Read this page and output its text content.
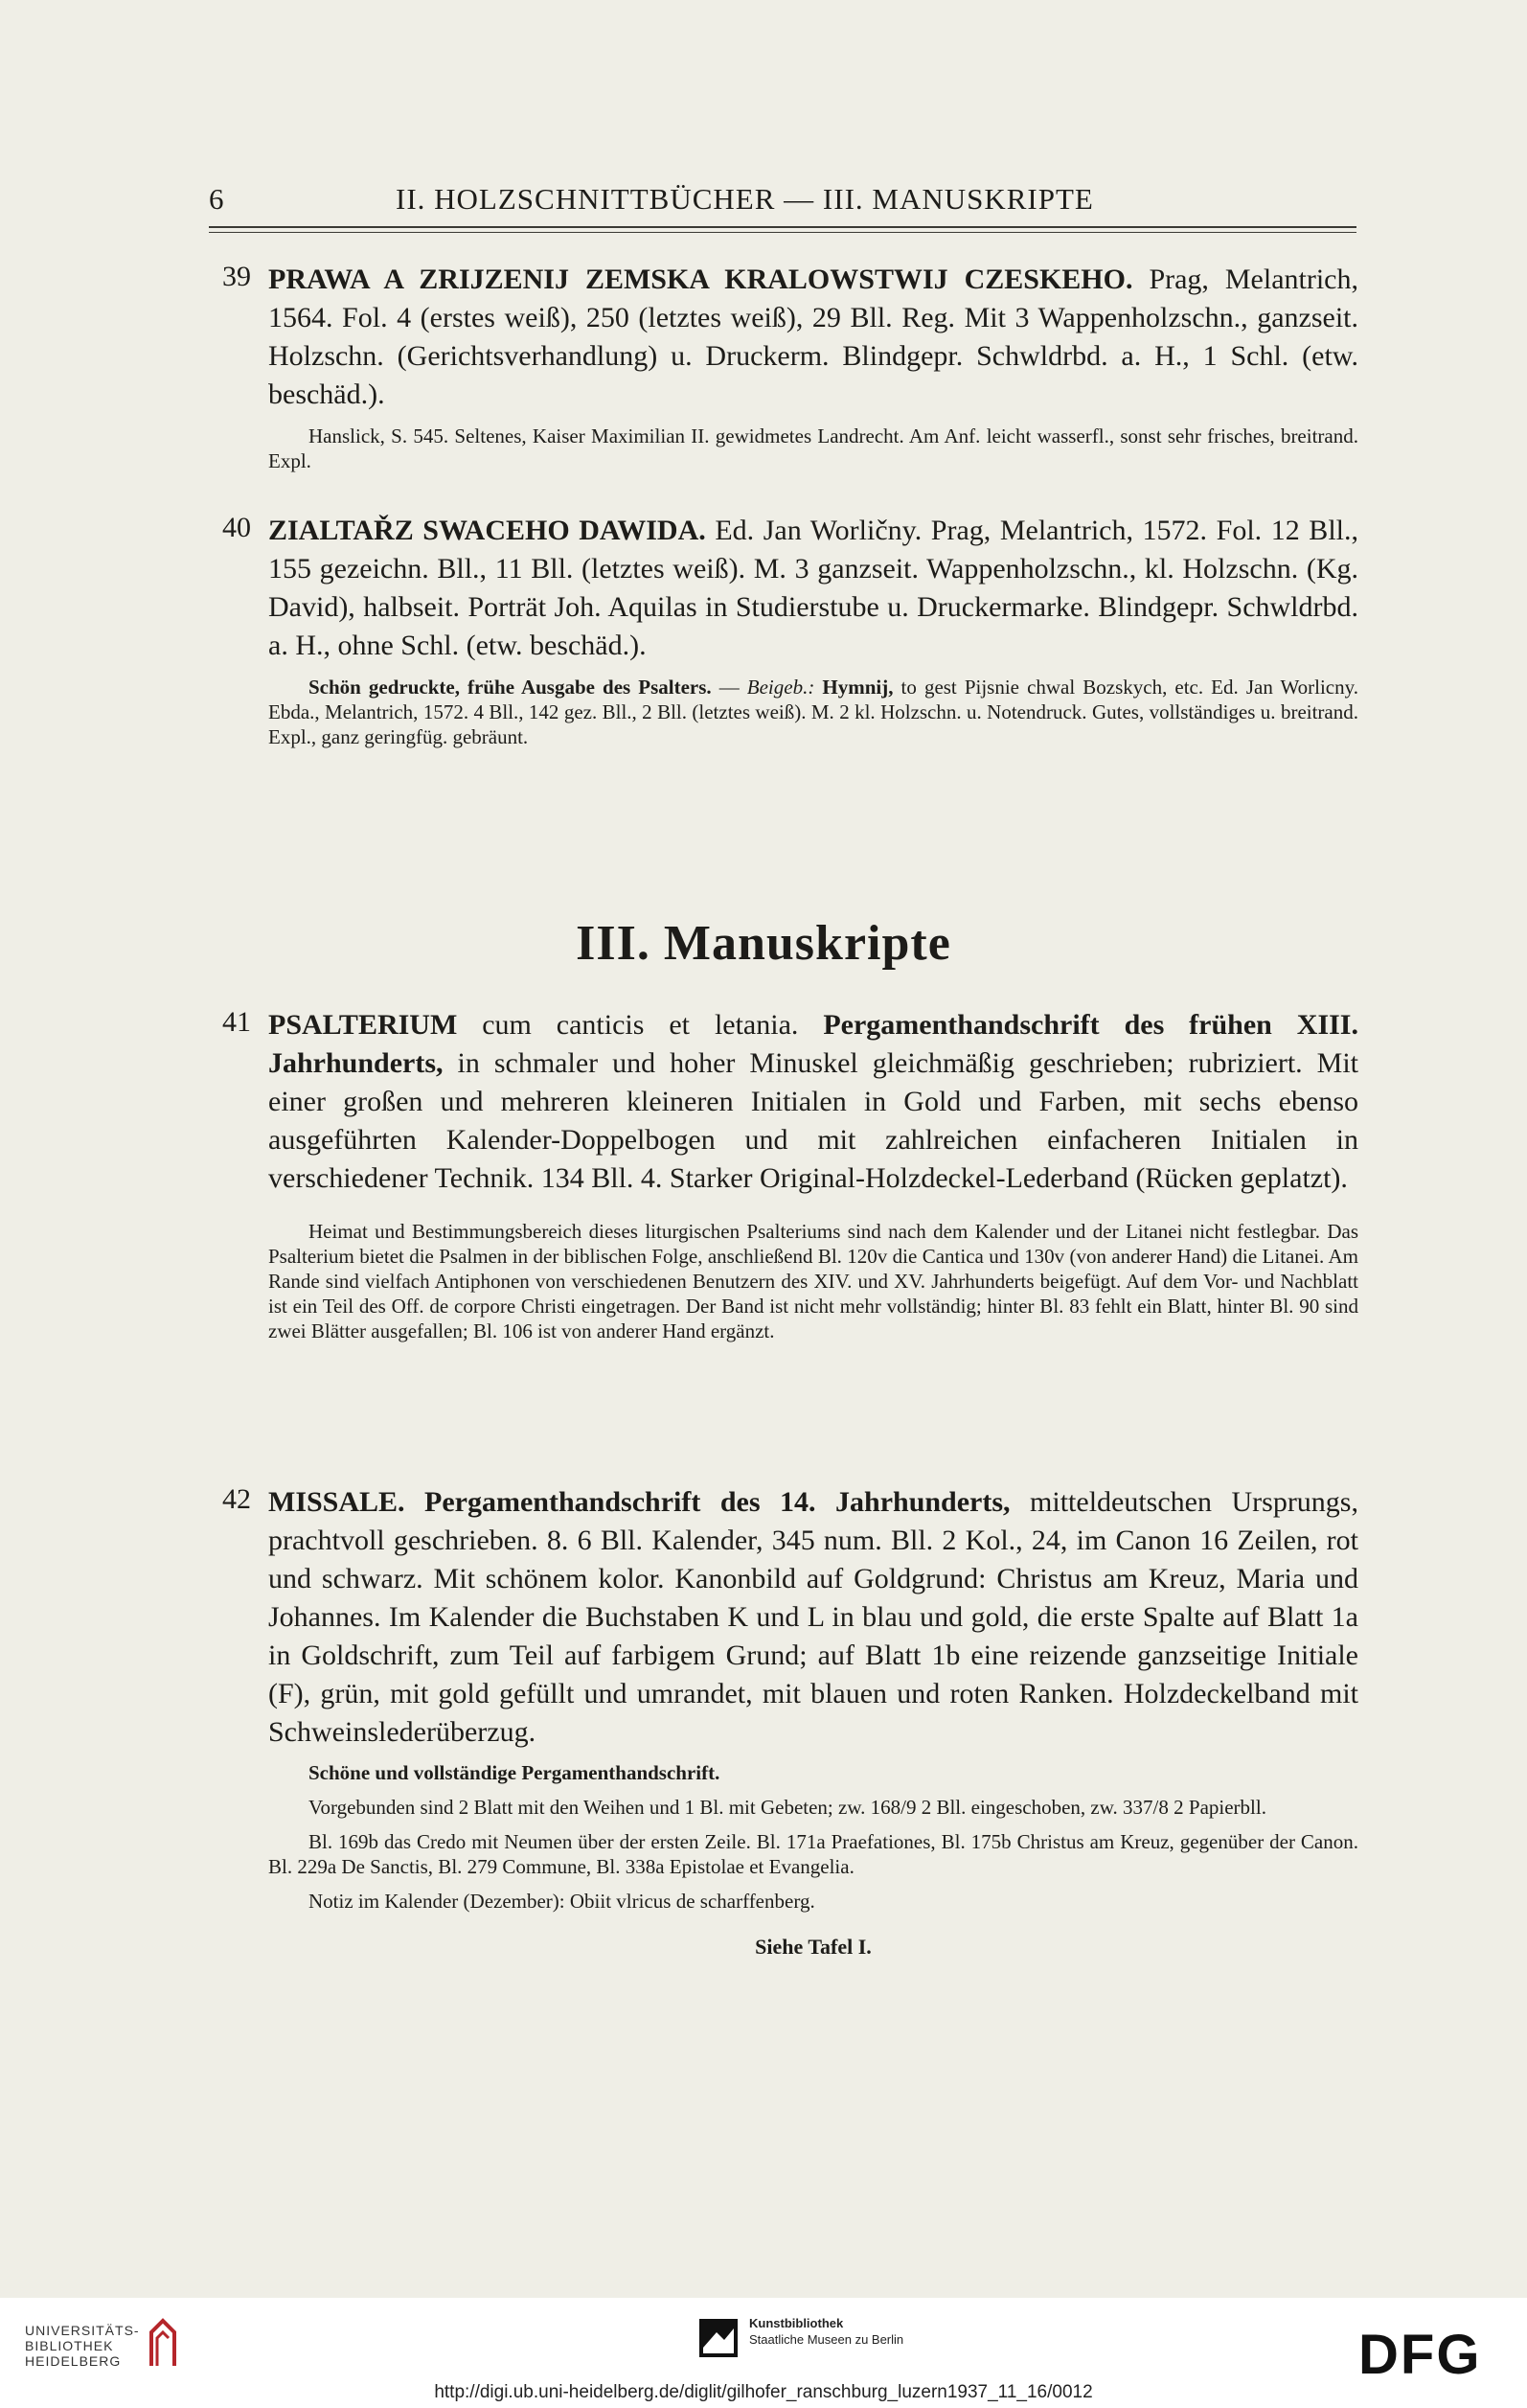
6	II. HOLZSCHNITTBÜCHER — III. MANUSKRIPTE
39 PRAWA A ZRIJZENIJ ZEMSKA KRALOWSTWIJ CZESKEHO. Prag, Melantrich, 1564. Fol. 4 (erstes weiß), 250 (letztes weiß), 29 Bll. Reg. Mit 3 Wappenholzschn., ganzseit. Holzschn. (Gerichtsverhandlung) u. Druckerm. Blindgepr. Schwldrbd. a. H., 1 Schl. (etw. beschäd.).
Hanslick, S. 545. Seltenes, Kaiser Maximilian II. gewidmetes Landrecht. Am Anf. leicht wasserfl., sonst sehr frisches, breitrand. Expl.
40 ZIALTAŘZ SWACEHO DAWIDA. Ed. Jan Worličny. Prag, Melantrich, 1572. Fol. 12 Bll., 155 gezeichn. Bll., 11 Bll. (letztes weiß). M. 3 ganzseit. Wappenholzschn., kl. Holzschn. (Kg. David), halbseit. Porträt Joh. Aquilas in Studierstube u. Druckermarke. Blindgepr. Schwldrbd. a. H., ohne Schl. (etw. beschäd.).
Schön gedruckte, frühe Ausgabe des Psalters. — Beigeb.: Hymnij, to gest Pijsnie chwal Bozskych, etc. Ed. Jan Worlicny. Ebda., Melantrich, 1572. 4 Bll., 142 gez. Bll., 2 Bll. (letztes weiß). M. 2 kl. Holzschn. u. Notendruck. Gutes, vollständiges u. breitrand. Expl., ganz geringfüg. gebräunt.
III. Manuskripte
41 PSALTERIUM cum canticis et letania. Pergamenthandschrift des frühen XIII. Jahrhunderts, in schmaler und hoher Minuskel gleichmäßig geschrieben; rubriziert. Mit einer großen und mehreren kleineren Initialen in Gold und Farben, mit sechs ebenso ausgeführten Kalender-Doppelbogen und mit zahlreichen einfacheren Initialen in verschiedener Technik. 134 Bll. 4. Starker Original-Holzdeckel-Lederband (Rücken geplatzt).
Heimat und Bestimmungsbereich dieses liturgischen Psalteriums sind nach dem Kalender und der Litanei nicht festlegbar. Das Psalterium bietet die Psalmen in der biblischen Folge, anschließend Bl. 120v die Cantica und 130v (von anderer Hand) die Litanei. Am Rande sind vielfach Antiphonen von verschiedenen Benutzern des XIV. und XV. Jahrhunderts beigefügt. Auf dem Vor- und Nachblatt ist ein Teil des Off. de corpore Christi eingetragen. Der Band ist nicht mehr vollständig; hinter Bl. 83 fehlt ein Blatt, hinter Bl. 90 sind zwei Blätter ausgefallen; Bl. 106 ist von anderer Hand ergänzt.
42 MISSALE. Pergamenthandschrift des 14. Jahrhunderts, mitteldeutschen Ursprungs, prachtvoll geschrieben. 8. 6 Bll. Kalender, 345 num. Bll. 2 Kol., 24, im Canon 16 Zeilen, rot und schwarz. Mit schönem kolor. Kanonbild auf Goldgrund: Christus am Kreuz, Maria und Johannes. Im Kalender die Buchstaben K und L in blau und gold, die erste Spalte auf Blatt 1a in Goldschrift, zum Teil auf farbigem Grund; auf Blatt 1b eine reizende ganzseitige Initiale (F), grün, mit gold gefüllt und umrandet, mit blauen und roten Ranken. Holzdeckelband mit Schweinslederüberzug.
Schöne und vollständige Pergamenthandschrift.
Vorgebunden sind 2 Blatt mit den Weihen und 1 Bl. mit Gebeten; zw. 168/9 2 Bll. eingeschoben, zw. 337/8 2 Papierbll.
Bl. 169b das Credo mit Neumen über der ersten Zeile. Bl. 171a Praefationes, Bl. 175b Christus am Kreuz, gegenüber der Canon. Bl. 229a De Sanctis, Bl. 279 Commune, Bl. 338a Epistolae et Evangelia.
Notiz im Kalender (Dezember): Obiit vlricus de scharffenberg.
Siehe Tafel I.
UNIVERSITÄTS-
BIBLIOTHEK
HEIDELBERG
Kunstbibliothek
Staatliche Museen zu Berlin	DFG
http://digi.ub.uni-heidelberg.de/diglit/gilhofer_ranschburg_luzern1937_11_16/0012
